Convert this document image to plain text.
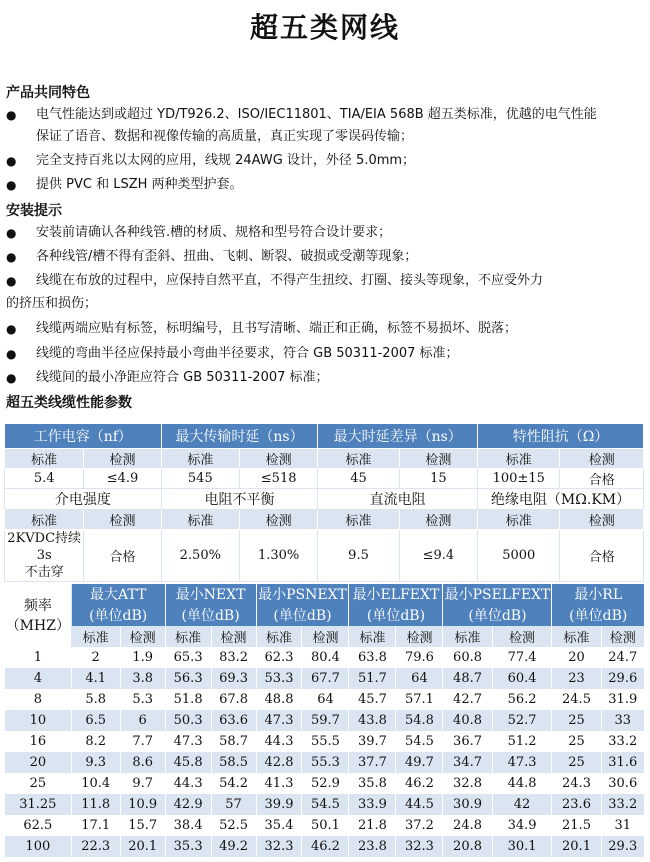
超五类网线
产品共同特色
●	电气性能达到或超过 YD/T926.2、ISO/IEC11801、TIA/EIA 568B 超五类标准，优越的电气性能
保证了语音、数据和视像传输的高质量，真正实现了零误码传输；
●	完全支持百兆以太网的应用，线规 24AWG 设计，外径 5.0mm；
●	提供 PVC 和 LSZH 两种类型护套。
安装提示
●	安装前请确认各种线管.槽的材质、规格和型号符合设计要求；
●	各种线管/槽不得有歪斜、扭曲、飞刺、断裂、破损或受潮等现象；
●	线缆在布放的过程中，应保持自然平直，不得产生扭绞、打圈、接头等现象，不应受外力
的挤压和损伤；
●	线缆两端应贴有标签，标明编号，且书写清晰、端正和正确，标签不易损坏、脱落；
●	线缆的弯曲半径应保持最小弯曲半径要求，符合 GB 50311-2007 标准；
●	线缆间的最小净距应符合 GB 50311-2007 标准；
超五类线缆性能参数
工作电容（nf）		最大传输时延（ns）		最大时延差异（ns）		特性阻抗（Ω）	
标准	检测	标准	检测	标准	检测	标准	检测
5.4	≤4.9	545	≤518	45	15	100±15	合格
介电强度		电阻不平衡		直流电阻		绝缘电阻（MΩ.KM）	
标准	检测	标准	检测	标准	检测	标准	检测

2KVDC持续3s
不击穿	合格	2.50%	1.30%	9.5	≤9.4	5000	合格
频率
（MHZ）	最大ATT		最小NEXT		最小PSNEXT		最小ELFEXT		最小PSELFEXT		最小RL	
	(单位dB)		(单位dB)		(单位dB)		(单位dB)		(单位dB)		(单位dB)	
	标准	检测	标准	检测	标准	检测	标准	检测	标准	检测	标准	检测
1	2	1.9	65.3	83.2	62.3	80.4	63.8	79.6	60.8	77.4	20	24.7
4	4.1	3.8	56.3	69.3	53.3	67.7	51.7	64	48.7	60.4	23	29.6
8	5.8	5.3	51.8	67.8	48.8	64	45.7	57.1	42.7	56.2	24.5	31.9
10	6.5	6	50.3	63.6	47.3	59.7	43.8	54.8	40.8	52.7	25	33
16	8.2	7.7	47.3	58.7	44.3	55.5	39.7	54.5	36.7	51.2	25	33.2
20	9.3	8.6	45.8	58.5	42.8	55.3	37.7	49.7	34.7	47.3	25	31.6
25	10.4	9.7	44.3	54.2	41.3	52.9	35.8	46.2	32.8	44.8	24.3	30.6
31.25	11.8	10.9	42.9	57	39.9	54.5	33.9	44.5	30.9	42	23.6	33.2
62.5	17.1	15.7	38.4	52.5	35.4	50.1	21.8	37.2	24.8	34.9	21.5	31
100	22.3	20.1	35.3	49.2	32.3	46.2	23.8	32.3	20.8	30.1	20.1	29.3
